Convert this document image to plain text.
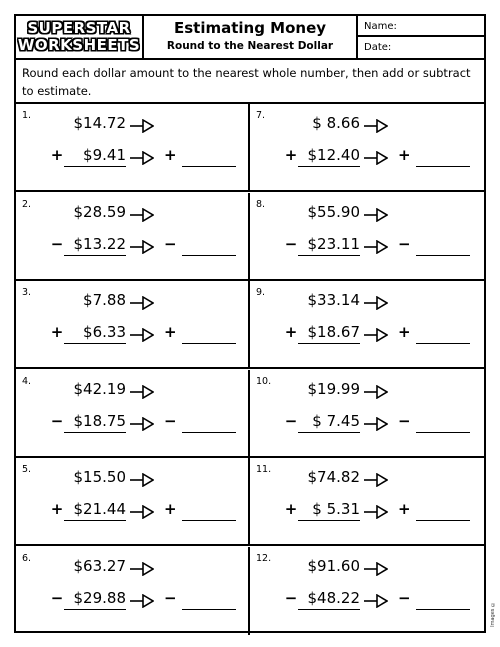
SUPERSTAR
WORKSHEETS
Estimating Money
Round to the Nearest Dollar
Name:
Date:
Round each dollar amount to the nearest whole number, then add or subtract to estimate.
1.	$14.72
+	$9.41	+
7.	$ 8.66
+ $12.40	+
2.	$28.59
− $13.22	−
8.	$55.90
− $23.11	−
3.	$7.88
+	$6.33	+
9.	$33.14
+ $18.67	+
4.	$42.19
− $18.75	−
10.	$19.99
−	$ 7.45	−
5.	$15.50
+ $21.44	+
11.	$74.82
+	$ 5.31	+
6.	$63.27
− $29.88	−
12.	$91.60
− $48.22	−
Images ©
